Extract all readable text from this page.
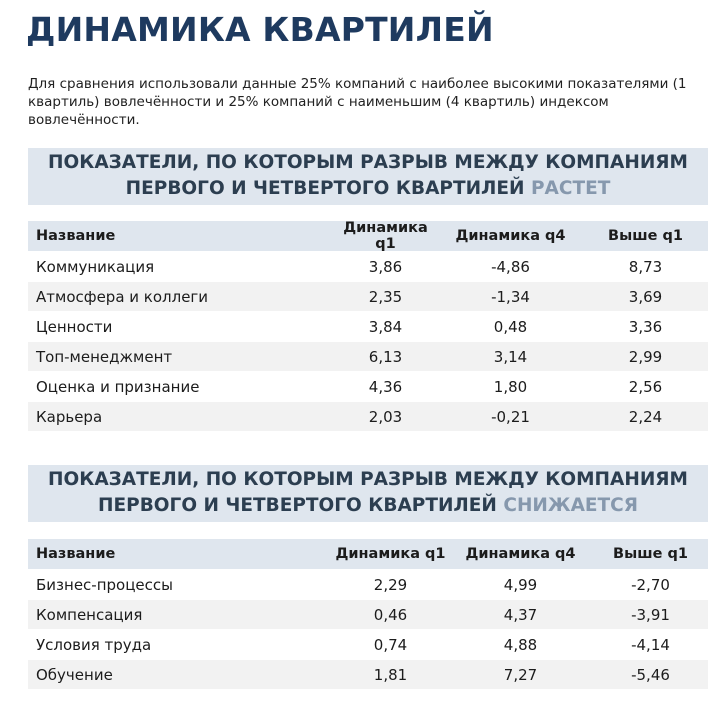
ДИНАМИКА КВАРТИЛЕЙ
Для сравнения использовали данные 25% компаний с наиболее высокими показателями (1 квартиль) вовлечённости и 25% компаний с наименьшим (4 квартиль) индексом вовлечённости.
ПОКАЗАТЕЛИ, ПО КОТОРЫМ РАЗРЫВ МЕЖДУ КОМПАНИЯМ
ПЕРВОГО И ЧЕТВЕРТОГО КВАРТИЛЕЙ РАСТЕТ
Название	Динамика q1	Динамика q4	Выше q1
Коммуникация	3,86	-4,86	8,73
Атмосфера и коллеги	2,35	-1,34	3,69
Ценности	3,84	0,48	3,36
Топ-менеджмент	6,13	3,14	2,99
Оценка и признание	4,36	1,80	2,56
Карьера	2,03	-0,21	2,24
ПОКАЗАТЕЛИ, ПО КОТОРЫМ РАЗРЫВ МЕЖДУ КОМПАНИЯМ
ПЕРВОГО И ЧЕТВЕРТОГО КВАРТИЛЕЙ СНИЖАЕТСЯ
Название	Динамика q1	Динамика q4	Выше q1
Бизнес-процессы	2,29	4,99	-2,70
Компенсация	0,46	4,37	-3,91
Условия труда	0,74	4,88	-4,14
Обучение	1,81	7,27	-5,46
